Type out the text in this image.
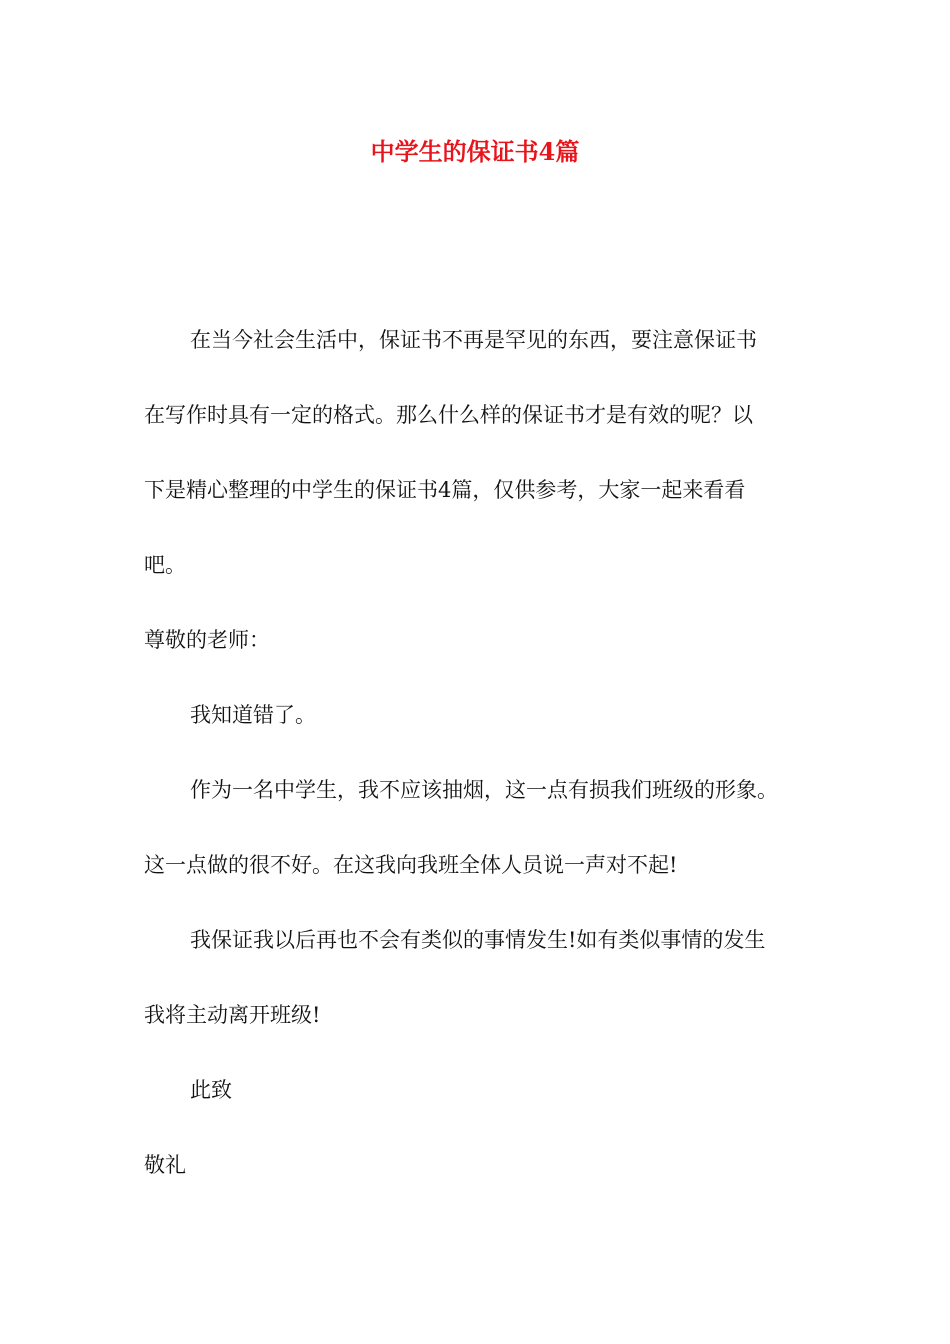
中学生的保证书4篇
在当今社会生活中，保证书不再是罕见的东西，要注意保证书
在写作时具有一定的格式。那么什么样的保证书才是有效的呢？以
下是精心整理的中学生的保证书4篇，仅供参考，大家一起来看看
吧。
尊敬的老师：
我知道错了。
作为一名中学生，我不应该抽烟，这一点有损我们班级的形象。
这一点做的很不好。在这我向我班全体人员说一声对不起!
我保证我以后再也不会有类似的事情发生!如有类似事情的发生
我将主动离开班级!
此致
敬礼
